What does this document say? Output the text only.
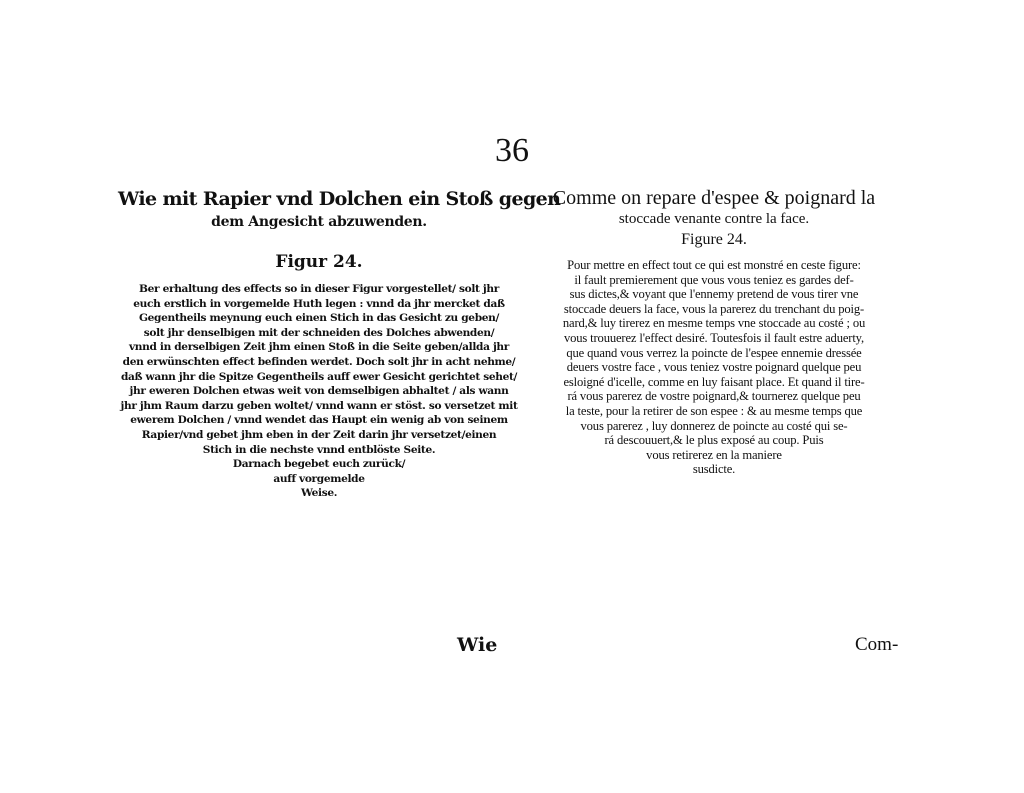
36
Wie mit Rapier vnd Dolchen ein Stoß gegen
dem Angesicht abzuwenden.
Figur 24.
Ber erhaltung des effects so in dieser Figur vorgestellet/ solt jhr
euch erstlich in vorgemelde Huth legen : vnnd da jhr mercket daß
Gegentheils meynung euch einen Stich in das Gesicht zu geben/
solt jhr denselbigen mit der schneiden des Dolches abwenden/
vnnd in derselbigen Zeit jhm einen Stoß in die Seite geben/allda jhr
den erwünschten effect befinden werdet. Doch solt jhr in acht nehme/
daß wann jhr die Spitze Gegentheils auff ewer Gesicht gerichtet sehet/
jhr eweren Dolchen etwas weit von demselbigen abhaltet / als wann
jhr jhm Raum darzu geben woltet/ vnnd wann er stöst. so versetzet mit
ewerem Dolchen / vnnd wendet das Haupt ein wenig ab von seinem
Rapier/vnd gebet jhm eben in der Zeit darin jhr versetzet/einen
Stich in die nechste vnnd entblöste Seite.
Darnach begebet euch zurück/
auff vorgemelde
Weise.
Comme on repare d'espee & poignard la
stoccade venante contre la face.
Figure 24.
Pour mettre en effect tout ce qui est monstré en ceste figure:
il fault premierement que vous vous teniez es gardes def-
sus dictes,& voyant que l'ennemy pretend de vous tirer vne
stoccade deuers la face, vous la parerez du trenchant du poig-
nard,& luy tirerez en mesme temps vne stoccade au costé ; ou
vous trouuerez l'effect desiré. Toutesfois il fault estre aduerty,
que quand vous verrez la poincte de l'espee ennemie dressée
deuers vostre face , vous teniez vostre poignard quelque peu
esloigné d'icelle, comme en luy faisant place. Et quand il tire-
rá vous parerez de vostre poignard,& tournerez quelque peu
la teste, pour la retirer de son espee : & au mesme temps que
vous parerez , luy donnerez de poincte au costé qui se-
rá descouuert,& le plus exposé au coup. Puis
vous retirerez en la maniere
susdicte.
Wie	Com-
